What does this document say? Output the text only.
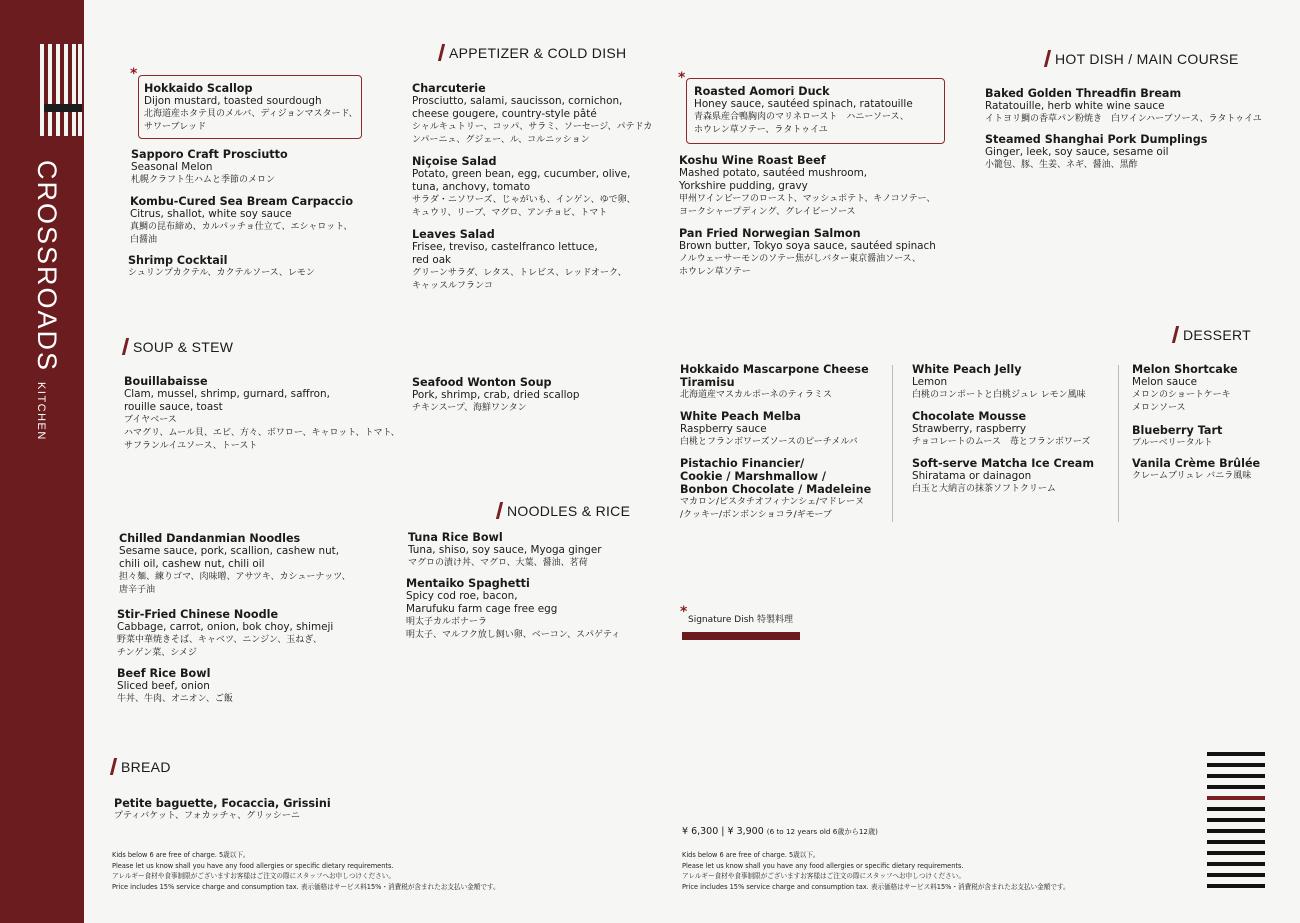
CROSSROADSKITCHEN
APPETIZER & COLD DISH	HOT DISH / MAIN COURSE
SOUP & STEW
DESSERT
NOODLES & RICE
BREAD
*	*
Hokkaido Scallop
Dijon mustard, toasted sourdough
北海道産ホタテ貝のメルバ、ディジョンマスタード、
サワーブレッド
Sapporo Craft Prosciutto
Seasonal Melon
札幌クラフト生ハムと季節のメロン
Kombu-Cured Sea Bream Carpaccio
Citrus, shallot, white soy sauce
真鯛の昆布締め、カルパッチョ仕立て、エシャロット、
白醤油
Shrimp Cocktail
シュリンプカクテル、カクテルソース、レモン
Charcuterie
Prosciutto, salami, saucisson, cornichon,
cheese gougere, country-style pâté
シャルキュトリー、コッパ、サラミ、ソーセージ、パテドカ
ンパーニュ、グジェー、ル、コルニッション
Niçoise Salad
Potato, green bean, egg, cucumber, olive,
tuna, anchovy, tomato
サラダ・ニソワーズ、じゃがいも、インゲン、ゆで卵、
キュウリ、リーブ、マグロ、アンチョビ、トマト
Leaves Salad
Frisee, treviso, castelfranco lettuce,
red oak
グリーンサラダ、レタス、トレビス、レッドオーク、
キャッスルフランコ
Roasted Aomori Duck
Honey sauce, sautéed spinach, ratatouille
青森県産合鴨胸肉のマリネロースト　ハニーソース、
ホウレン草ソテー、ラタトゥイユ
Koshu Wine Roast Beef
Mashed potato, sautéed mushroom,
Yorkshire pudding, gravy
甲州ワインビーフのロースト、マッシュポテト、キノコソテー、
ヨークシャープディング、グレイビーソース
Pan Fried Norwegian Salmon
Brown butter, Tokyo soya sauce, sautéed spinach
ノルウェーサーモンのソテー焦がしバター東京醤油ソース、
ホウレン草ソテー
Baked Golden Threadfin Bream
Ratatouille, herb white wine sauce
イトヨリ鯛の香草パン粉焼き　白ワインハーブソース、ラタトゥイユ
Steamed Shanghai Pork Dumplings
Ginger, leek, soy sauce, sesame oil
小籠包、豚、生姜、ネギ、醤油、黒酢
Bouillabaisse
Clam, mussel, shrimp, gurnard, saffron,
rouille sauce, toast
ブイヤベース
ハマグリ、ムール貝、エビ、方々、ボワロー、キャロット、トマト、
サフランルイユソース、トースト
Seafood Wonton Soup
Pork, shrimp, crab, dried scallop
チキンスープ、海鮮ワンタン
Hokkaido Mascarpone Cheese
Tiramisu
北海道産マスカルポーネのティラミス
White Peach Melba
Raspberry sauce
白桃とフランボワーズソースのピーチメルバ
Pistachio Financier/
Cookie / Marshmallow /
Bonbon Chocolate / Madeleine
マカロン/ピスタチオフィナンシェ/マドレーヌ
/クッキー/ボンボンショコラ/ギモーブ
White Peach Jelly
Lemon
白桃のコンポートと白桃ジュレ レモン風味
Chocolate Mousse
Strawberry, raspberry
チョコレートのムース　苺とフランボワーズ
Soft-serve Matcha Ice Cream
Shiratama or dainagon
白玉と大納言の抹茶ソフトクリーム
Melon Shortcake
Melon sauce
メロンのショートケーキ
メロンソース
Blueberry Tart
ブルーベリータルト
Vanila Crème Brûlée
クレームブリュレ バニラ風味
Chilled Dandanmian Noodles
Sesame sauce, pork, scallion, cashew nut,
chili oil, cashew nut, chili oil
担々麺、練りゴマ、肉味噌、アサツキ、カシューナッツ、
唐辛子油
Stir-Fried Chinese Noodle
Cabbage, carrot, onion, bok choy, shimeji
野菜中華焼きそば、キャベツ、ニンジン、玉ねぎ、
チンゲン菜、シメジ
Beef Rice Bowl
Sliced beef, onion
牛丼、牛肉、オニオン、ご飯
Tuna Rice Bowl
Tuna, shiso, soy sauce, Myoga ginger
マグロの漬け丼、マグロ、大葉、醤油、茗荷
Mentaiko Spaghetti
Spicy cod roe, bacon,
Marufuku farm cage free egg
明太子カルボナーラ
明太子、マルフク放し飼い卵、ベーコン、スパゲティ
* Signature Dish 特製料理
Petite baguette, Focaccia, Grissini
プティバケット、フォカッチャ、グリッシーニ
¥ 6,300 | ¥ 3,900 (6 to 12 years old 6歳から12歳)
Kids below 6 are free of charge. 5歳以下。
Please let us know shall you have any food allergies or specific dietary requirements.
アレルギー食材や食事制限がございますお客様はご注文の際にスタッフへお申しつけください。
Price includes 15% service charge and consumption tax. 表示価格はサービス料15%・消費税が含まれたお支払い金額です。
Kids below 6 are free of charge. 5歳以下。
Please let us know shall you have any food allergies or specific dietary requirements.
アレルギー食材や食事制限がございますお客様はご注文の際にスタッフへお申しつけください。
Price includes 15% service charge and consumption tax. 表示価格はサービス料15%・消費税が含まれたお支払い金額です。
